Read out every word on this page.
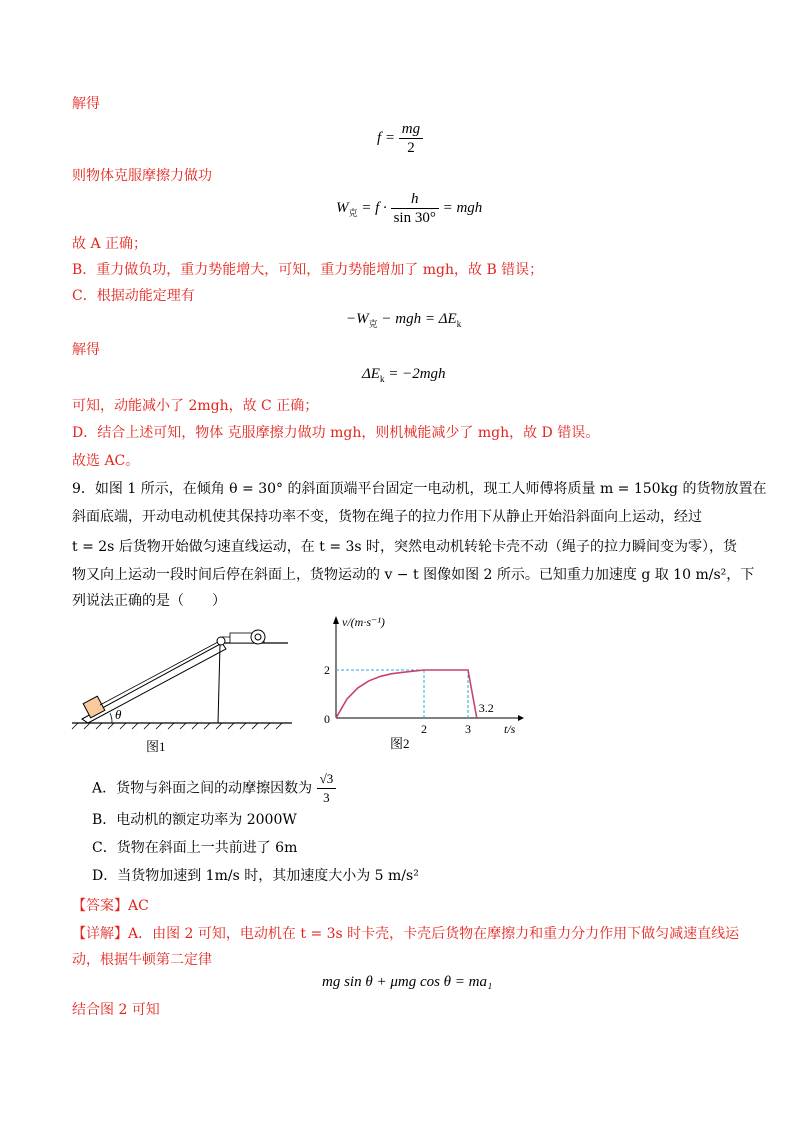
解得
$f = \frac{mg}{2}$
则物体克服摩擦力做功
$W_克 = f \cdot \frac{h}{\sin 30^\circ}$ = mgh
故 A 正确；
B．重力做负功，重力势能增大，可知，重力势能增加了 mgh，故 B 错误；
C．根据动能定理有
$-W_克$ − mgh = $\Delta E_k$
解得
$\Delta E_k = -2mgh$
可知，动能减小了 2mgh，故 C 正确；
D．结合上述可知，物体 克服摩擦力做功 mgh，则机械能减少了 mgh，故 D 错误。
故选 AC。
9．如图 1 所示，在倾角 θ = 30° 的斜面顶端平台固定一电动机，现工人师傅将质量 m = 150kg 的货物放置在
斜面底端，开动电动机使其保持功率不变，货物在绳子的拉力作用下从静止开始沿斜面向上运动，经过
t = 2s 后货物开始做匀速直线运动，在 t = 3s 时，突然电动机转轮卡壳不动（绳子的拉力瞬间变为零），货
物又向上运动一段时间后停在斜面上，货物运动的 v − t 图像如图 2 所示。已知重力加速度 g 取 10 m/s²，下
列说法正确的是（　　）
θ
图1
v/(m·s⁻¹)
t/s
0
2
2	3
3.2
图2
A．货物与斜面之间的动摩擦因数为 $\frac{√3}{3}$
B．电动机的额定功率为 2000W
C．货物在斜面上一共前进了 6m
D．当货物加速到 1m/s 时，其加速度大小为 5 m/s²
【答案】AC
【详解】A．由图 2 可知，电动机在 t = 3s 时卡壳，卡壳后货物在摩擦力和重力分力作用下做匀减速直线运
动，根据牛顿第二定律
mg sin θ + μmg cos θ = ma₁
结合图 2 可知
